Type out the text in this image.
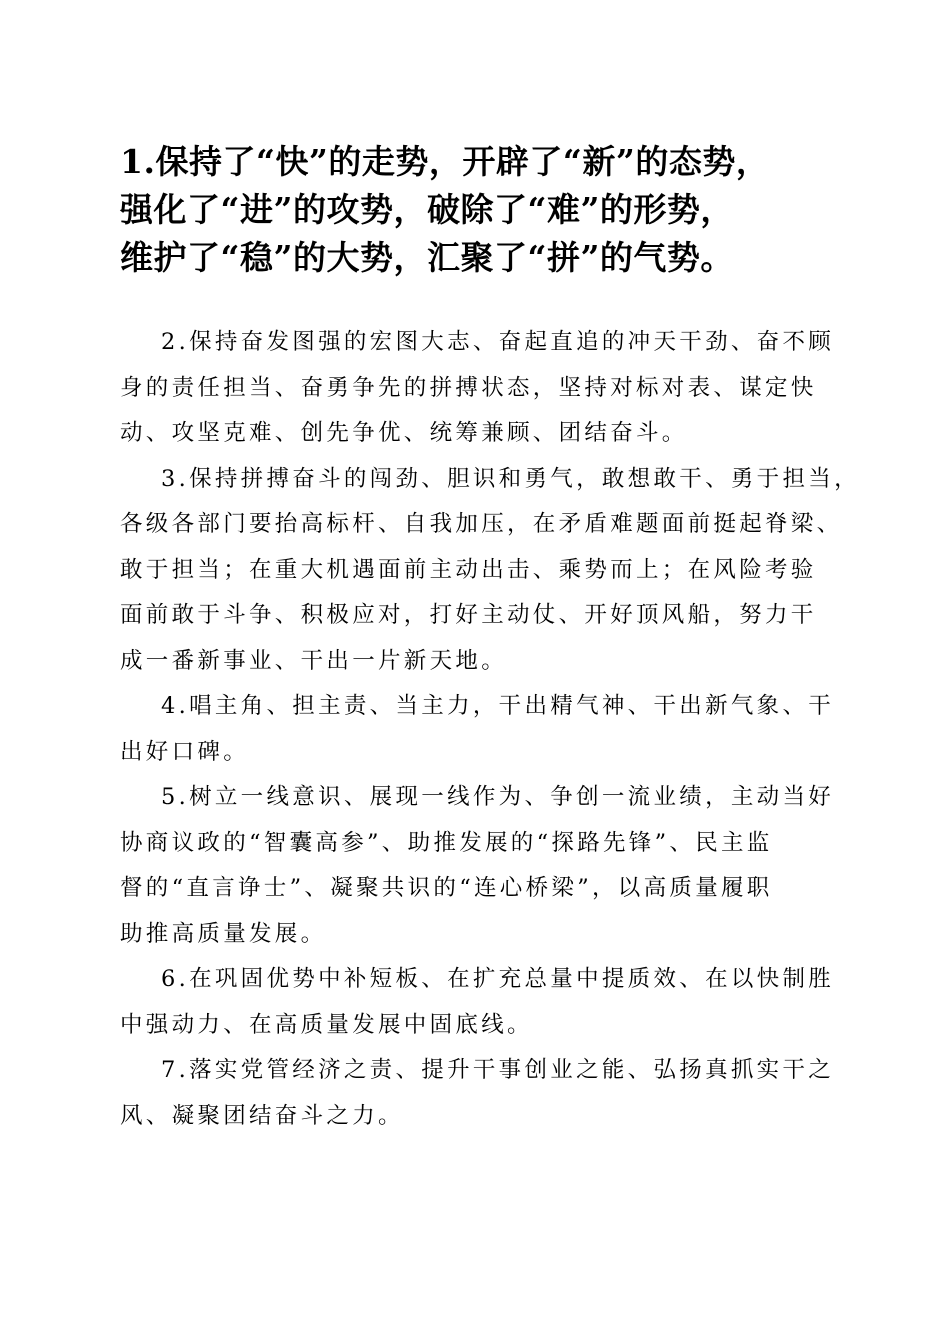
1.保持了“快”的走势，开辟了“新”的态势，
强化了“进”的攻势，破除了“难”的形势，
维护了“稳”的大势，汇聚了“拼”的气势。

2.保持奋发图强的宏图大志、奋起直追的冲天干劲、奋不顾
身的责任担当、奋勇争先的拼搏状态，坚持对标对表、谋定快
动、攻坚克难、创先争优、统筹兼顾、团结奋斗。

3.保持拼搏奋斗的闯劲、胆识和勇气，敢想敢干、勇于担当，
各级各部门要抬高标杆、自我加压，在矛盾难题面前挺起脊梁、
敢于担当；在重大机遇面前主动出击、乘势而上；在风险考验
面前敢于斗争、积极应对，打好主动仗、开好顶风船，努力干
成一番新事业、干出一片新天地。

4.唱主角、担主责、当主力，干出精气神、干出新气象、干
出好口碑。

5.树立一线意识、展现一线作为、争创一流业绩，主动当好
协商议政的“智囊高参”、助推发展的“探路先锋”、民主监
督的“直言诤士”、凝聚共识的“连心桥梁”，以高质量履职
助推高质量发展。

6.在巩固优势中补短板、在扩充总量中提质效、在以快制胜
中强动力、在高质量发展中固底线。

7.落实党管经济之责、提升干事创业之能、弘扬真抓实干之
风、凝聚团结奋斗之力。
